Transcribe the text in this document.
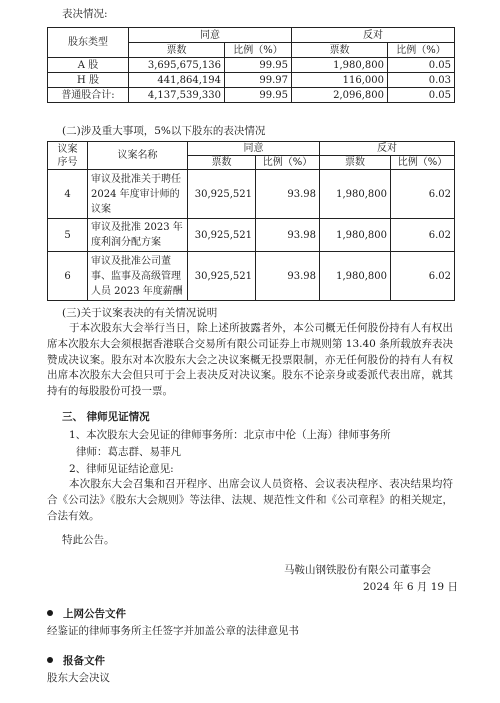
表决情况:
股东类型	同意		反对	
	票数	比例（%）	票数	比例（%）
A 股	3,695,675,136	99.95	1,980,800	0.05
H 股	441,864,194	99.97	116,000	0.03
普通股合计:	4,137,539,330	99.95	2,096,800	0.05
(二)涉及重大事项，5%以下股东的表决情况
议案
序号	议案名称	同意		反对	
		票数	比例（%）	票数	比例（%）
4	审议及批准关于聘任2024 年度审计师的议案	30,925,521	93.98	1,980,800	6.02
5	审议及批准 2023 年度利润分配方案	30,925,521	93.98	1,980,800	6.02
6	审议及批准公司董事、监事及高级管理人员 2023 年度薪酬	30,925,521	93.98	1,980,800	6.02
(三)关于议案表决的有关情况说明
于本次股东大会举行当日，除上述所披露者外，本公司概无任何股份持有人有权出席本次股东大会须根据香港联合交易所有限公司证券上市规则第 13.40 条所载放弃表决赞成决议案。股东对本次股东大会之决议案概无投票限制，亦无任何股份的持有人有权出席本次股东大会但只可于会上表决反对决议案。股东不论亲身或委派代表出席，就其持有的每股股份可投一票。
三、 律师见证情况
1、本次股东大会见证的律师事务所：北京市中伦（上海）律师事务所
律师：葛志群、易菲凡
2、律师见证结论意见:
本次股东大会召集和召开程序、出席会议人员资格、会议表决程序、表决结果均符合《公司法》《股东大会规则》等法律、法规、规范性文件和《公司章程》的相关规定，合法有效。
特此公告。
马鞍山钢铁股份有限公司董事会
2024 年 6 月 19 日
上网公告文件
经鉴证的律师事务所主任签字并加盖公章的法律意见书
报备文件
股东大会决议
